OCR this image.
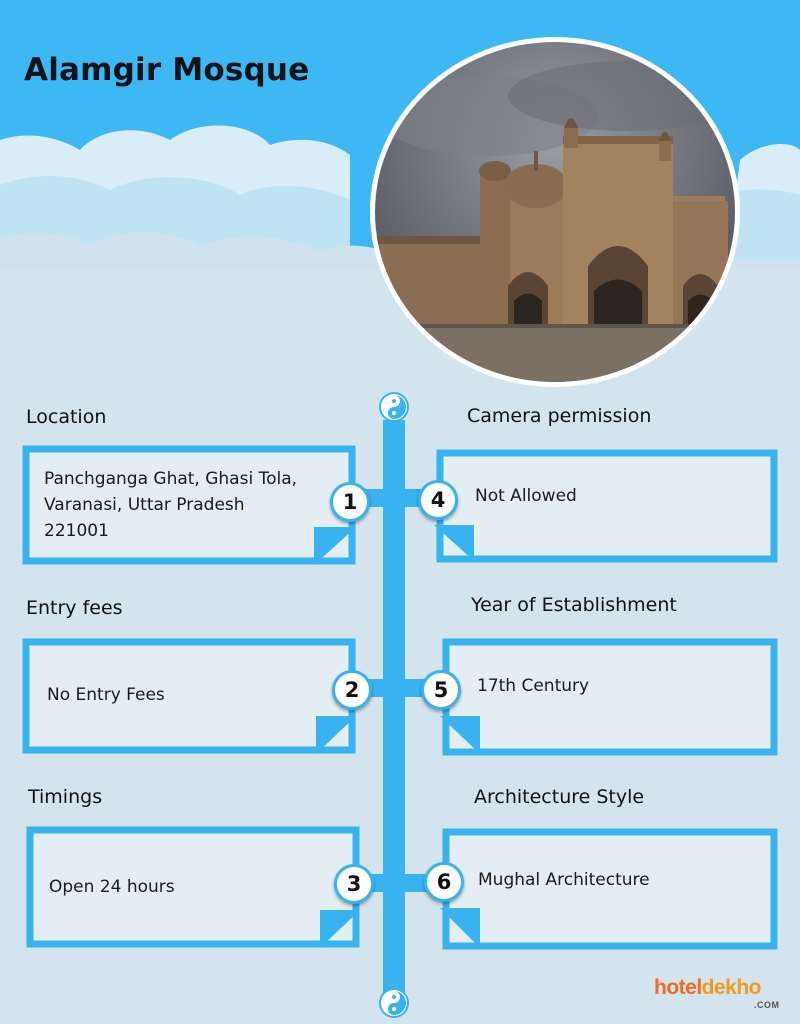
Alamgir Mosque
Location
Panchganga Ghat, Ghasi Tola, Varanasi, Uttar Pradesh 221001
Entry fees
No Entry Fees
Timings
Open 24 hours
Camera permission
Not Allowed
Year of Establishment
17th Century
Architecture Style
Mughal Architecture
1	4
2	5
3	6
hoteldekho
.COM
